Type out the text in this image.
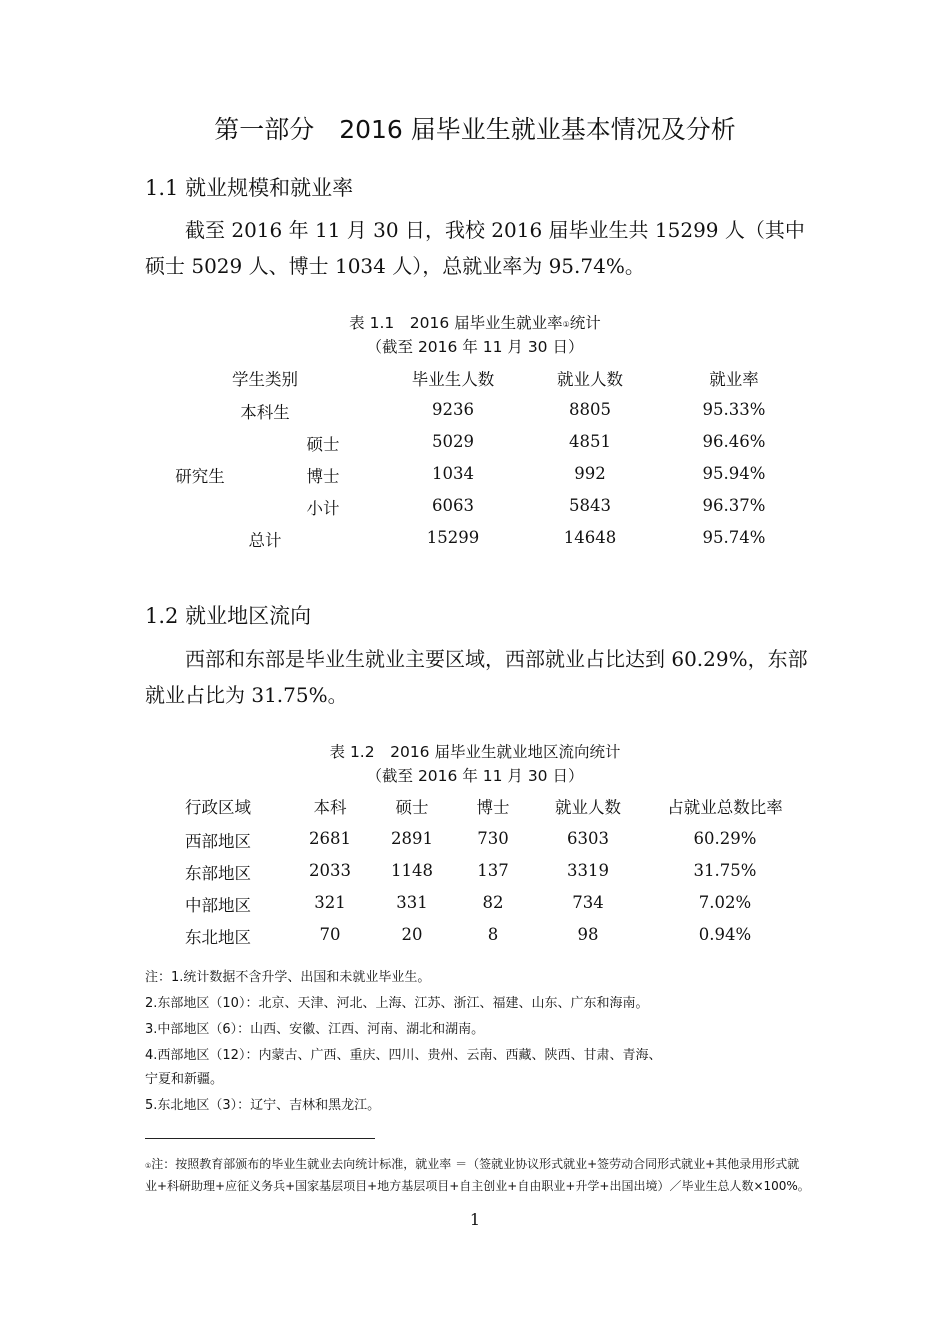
第一部分　2016 届毕业生就业基本情况及分析
1.1 就业规模和就业率
截至 2016 年 11 月 30 日，我校 2016 届毕业生共 15299 人（其中硕士 5029 人、博士 1034 人），总就业率为 95.74%。
表 1.1　2016 届毕业生就业率①统计
（截至 2016 年 11 月 30 日）
学生类别	毕业生人数	就业人数	就业率
本科生	9236	8805	95.33%
研究生
硕士	5029	4851	96.46%
博士	1034	992	95.94%
小计	6063	5843	96.37%
总计	15299	14648	95.74%
1.2 就业地区流向
西部和东部是毕业生就业主要区域，西部就业占比达到 60.29%，东部就业占比为 31.75%。
表 1.2　2016 届毕业生就业地区流向统计
（截至 2016 年 11 月 30 日）
行政区域	本科	硕士	博士	就业人数	占就业总数比率
西部地区	2681	2891	730	6303	60.29%
东部地区	2033	1148	137	3319	31.75%
中部地区	321	331	82	734	7.02%
东北地区	70	20	8	98	0.94%
注：1.统计数据不含升学、出国和未就业毕业生。
2.东部地区（10）：北京、天津、河北、上海、江苏、浙江、福建、山东、广东和海南。
3.中部地区（6）：山西、安徽、江西、河南、湖北和湖南。
4.西部地区（12）：内蒙古、广西、重庆、四川、贵州、云南、西藏、陕西、甘肃、青海、
宁夏和新疆。
5.东北地区（3）：辽宁、吉林和黑龙江。
①注：按照教育部颁布的毕业生就业去向统计标准，就业率 ＝（签就业协议形式就业+签劳动合同形式就业+其他录用形式就业+科研助理+应征义务兵+国家基层项目+地方基层项目+自主创业+自由职业+升学+出国出境）／毕业生总人数×100%。
1
